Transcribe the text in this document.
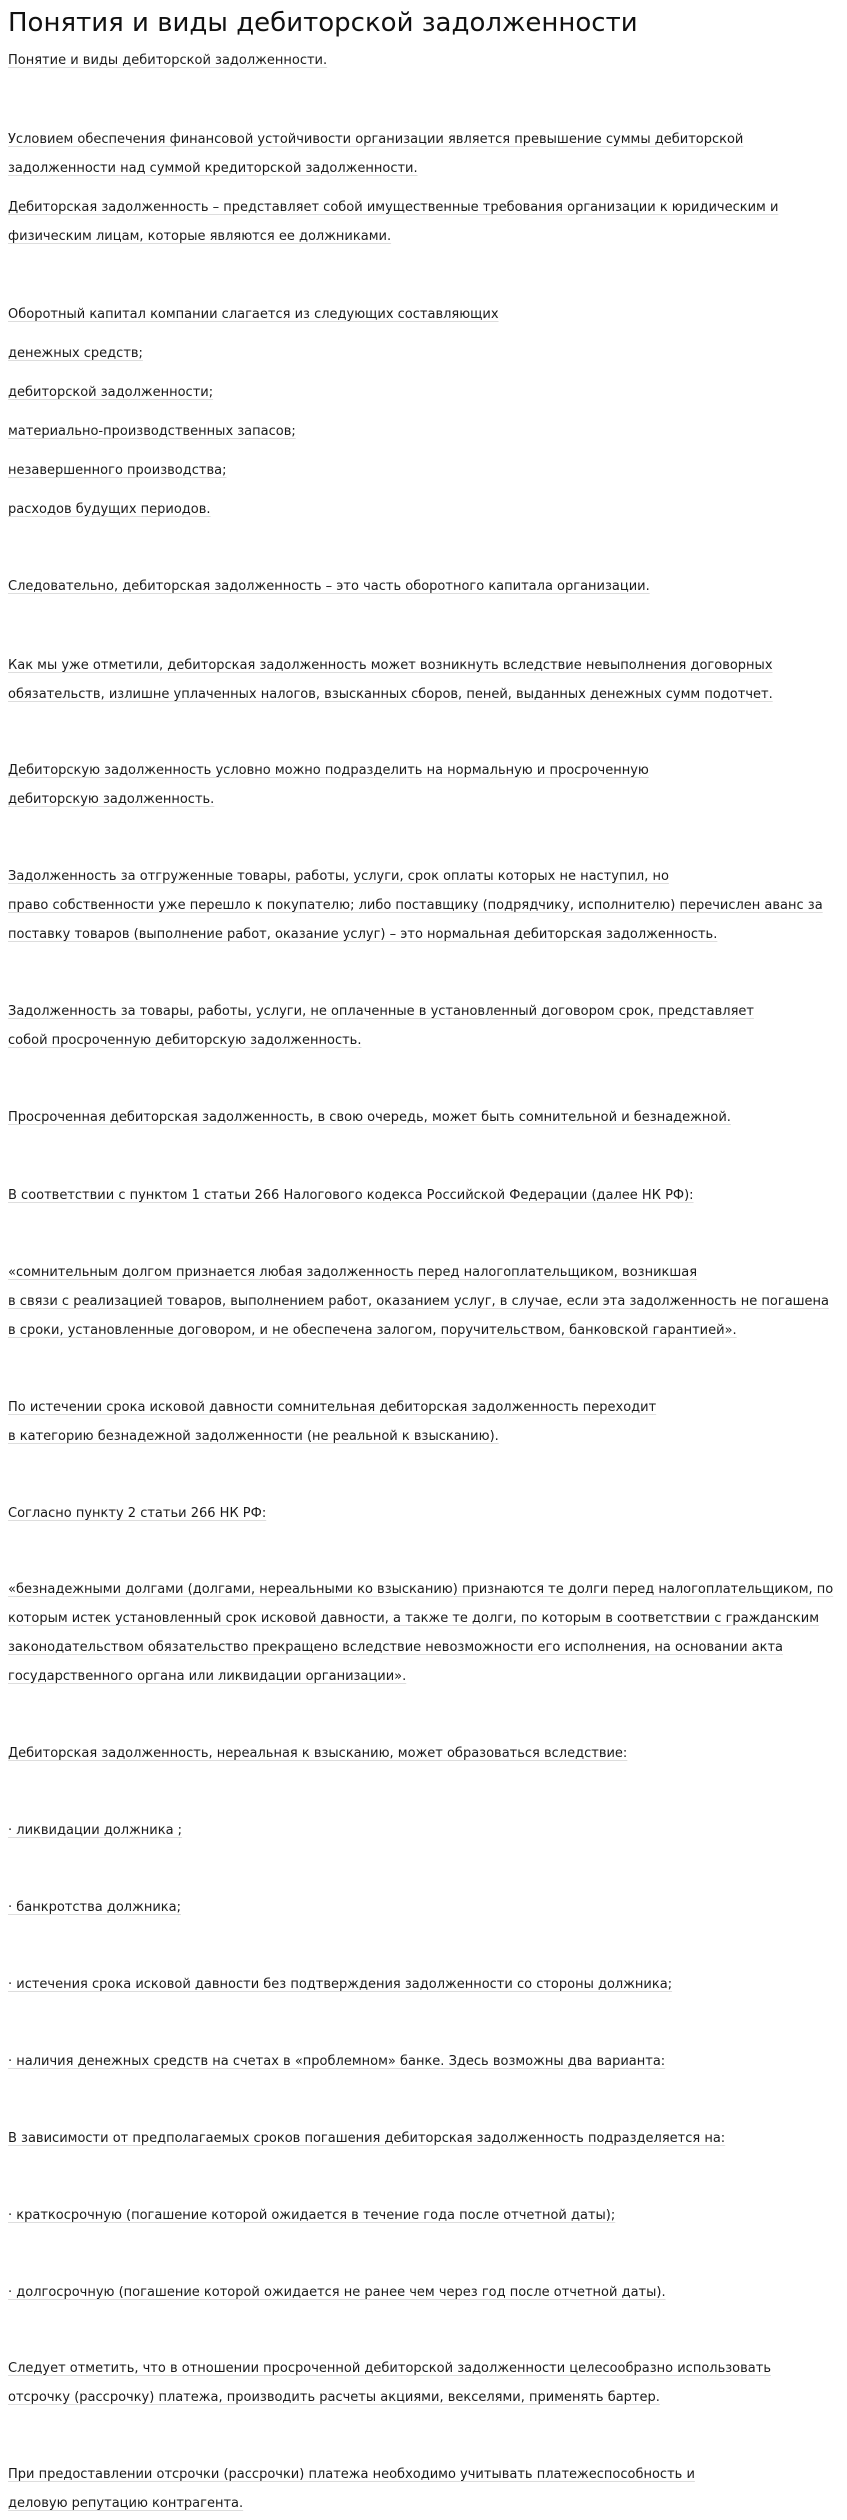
Понятия и виды дебиторской задолженности
Понятие и виды дебиторской задолженности.
Условием обеспечения финансовой устойчивости организации является превышение суммы дебиторской
задолженности над суммой кредиторской задолженности.
Дебиторская задолженность – представляет собой имущественные требования организации к юридическим и
физическим лицам, которые являются ее должниками.
Оборотный капитал компании слагается из следующих составляющих
денежных средств;
дебиторской задолженности;
материально-производственных запасов;
незавершенного производства;
расходов будущих периодов.
Следовательно, дебиторская задолженность – это часть оборотного капитала организации.
Как мы уже отметили, дебиторская задолженность может возникнуть вследствие невыполнения договорных
обязательств, излишне уплаченных налогов, взысканных сборов, пеней, выданных денежных сумм подотчет.
Дебиторскую задолженность условно можно подразделить на нормальную и просроченную
дебиторскую задолженность.
Задолженность за отгруженные товары, работы, услуги, срок оплаты которых не наступил, но
право собственности уже перешло к покупателю; либо поставщику (подрядчику, исполнителю) перечислен аванс за
поставку товаров (выполнение работ, оказание услуг) – это нормальная дебиторская задолженность.
Задолженность за товары, работы, услуги, не оплаченные в установленный договором срок, представляет
собой просроченную дебиторскую задолженность.
Просроченная дебиторская задолженность, в свою очередь, может быть сомнительной и безнадежной.
В соответствии с пунктом 1 статьи 266 Налогового кодекса Российской Федерации (далее НК РФ):
«сомнительным долгом признается любая задолженность перед налогоплательщиком, возникшая
в связи с реализацией товаров, выполнением работ, оказанием услуг, в случае, если эта задолженность не погашена
в сроки, установленные договором, и не обеспечена залогом, поручительством, банковской гарантией».
По истечении срока исковой давности сомнительная дебиторская задолженность переходит
в категорию безнадежной задолженности (не реальной к взысканию).
Согласно пункту 2 статьи 266 НК РФ:
«безнадежными долгами (долгами, нереальными ко взысканию) признаются те долги перед налогоплательщиком, по
которым истек установленный срок исковой давности, а также те долги, по которым в соответствии с гражданским
законодательством обязательство прекращено вследствие невозможности его исполнения, на основании акта
государственного органа или ликвидации организации».
Дебиторская задолженность, нереальная к взысканию, может образоваться вследствие:
· ликвидации должника ;
· банкротства должника;
· истечения срока исковой давности без подтверждения задолженности со стороны должника;
· наличия денежных средств на счетах в «проблемном» банке. Здесь возможны два варианта:
В зависимости от предполагаемых сроков погашения дебиторская задолженность подразделяется на:
· краткосрочную (погашение которой ожидается в течение года после отчетной даты);
· долгосрочную (погашение которой ожидается не ранее чем через год после отчетной даты).
Следует отметить, что в отношении просроченной дебиторской задолженности целесообразно использовать
отсрочку (рассрочку) платежа, производить расчеты акциями, векселями, применять бартер.
При предоставлении отсрочки (рассрочки) платежа необходимо учитывать платежеспособность и
деловую репутацию контрагента.
